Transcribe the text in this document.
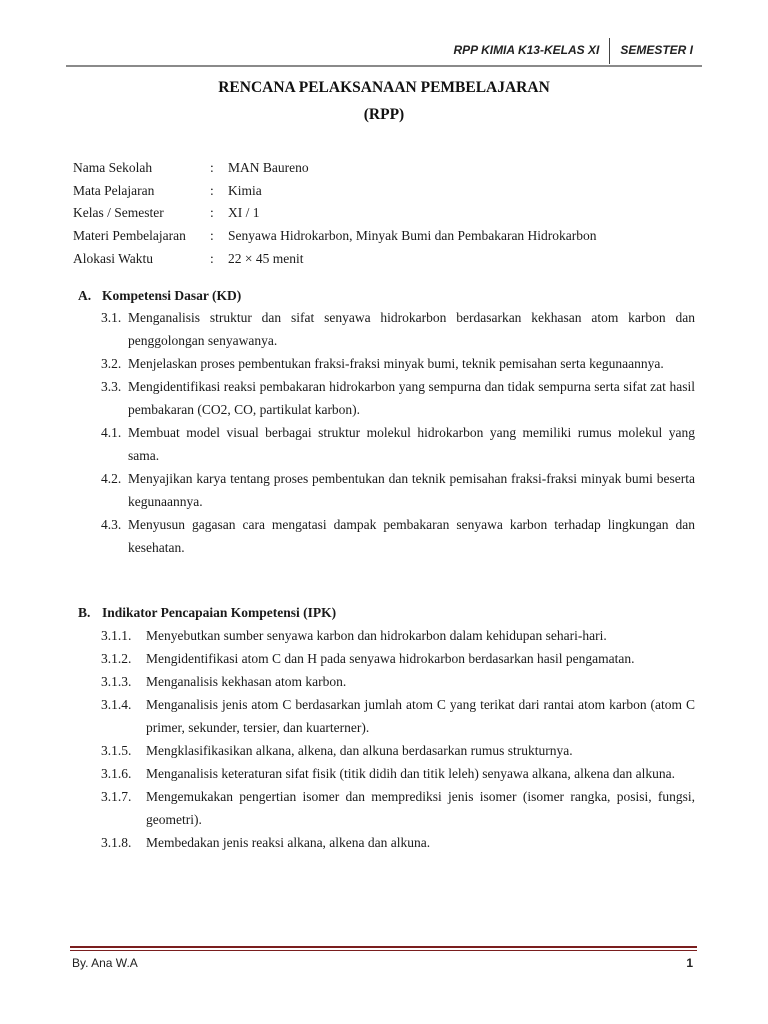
RPP KIMIA K13-KELAS XI	SEMESTER I
RENCANA PELAKSANAAN PEMBELAJARAN
(RPP)
Nama Sekolah	:	MAN Baureno
Mata Pelajaran	:	Kimia
Kelas / Semester	:	XI / 1
Materi Pembelajaran	:	Senyawa Hidrokarbon, Minyak Bumi dan Pembakaran Hidrokarbon
Alokasi Waktu	:	22 × 45 menit
A. Kompetensi Dasar (KD)
3.1. Menganalisis struktur dan sifat senyawa hidrokarbon berdasarkan kekhasan atom karbon dan penggolongan senyawanya.
3.2. Menjelaskan proses pembentukan fraksi-fraksi minyak bumi, teknik pemisahan serta kegunaannya.
3.3. Mengidentifikasi reaksi pembakaran hidrokarbon yang sempurna dan tidak sempurna serta sifat zat hasil pembakaran (CO2, CO, partikulat karbon).
4.1. Membuat model visual berbagai struktur molekul hidrokarbon yang memiliki rumus molekul yang sama.
4.2. Menyajikan karya tentang proses pembentukan dan teknik pemisahan fraksi-fraksi minyak bumi beserta kegunaannya.
4.3. Menyusun gagasan cara mengatasi dampak pembakaran senyawa karbon terhadap lingkungan dan kesehatan.
B. Indikator Pencapaian Kompetensi (IPK)
3.1.1.	Menyebutkan sumber senyawa karbon dan hidrokarbon dalam kehidupan sehari-hari.
3.1.2.	Mengidentifikasi atom C dan H pada senyawa hidrokarbon berdasarkan hasil pengamatan.
3.1.3.	Menganalisis kekhasan atom karbon.
3.1.4.	Menganalisis jenis atom C berdasarkan jumlah atom C yang terikat dari rantai atom karbon (atom C primer, sekunder, tersier, dan kuarterner).
3.1.5.	Mengklasifikasikan alkana, alkena, dan alkuna berdasarkan rumus strukturnya.
3.1.6.	Menganalisis keteraturan sifat fisik (titik didih dan titik leleh) senyawa alkana, alkena dan alkuna.
3.1.7.	Mengemukakan pengertian isomer dan memprediksi jenis isomer (isomer rangka, posisi, fungsi, geometri).
3.1.8.	Membedakan jenis reaksi alkana, alkena dan alkuna.
By. Ana W.A	1
